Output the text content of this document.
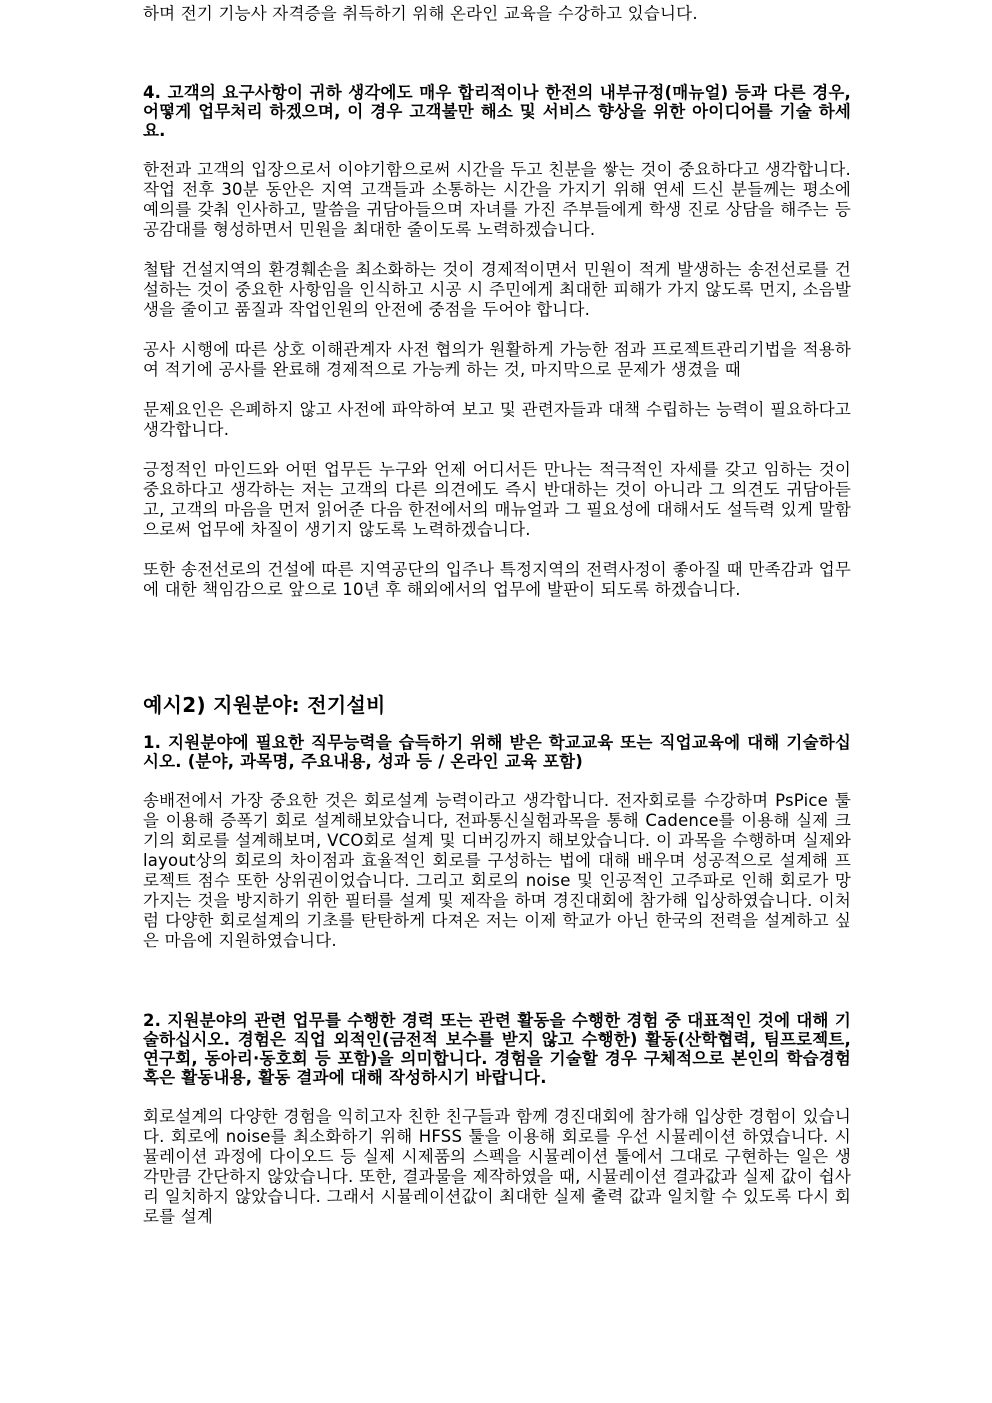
하며 전기 기능사 자격증을 취득하기 위해 온라인 교육을 수강하고 있습니다.

4. 고객의 요구사항이 귀하 생각에도 매우 합리적이나 한전의 내부규정(매뉴얼) 등과 다른 경우, 어떻게 업무처리 하겠으며, 이 경우 고객불만 해소 및 서비스 향상을 위한 아이디어를 기술 하세요.

한전과 고객의 입장으로서 이야기함으로써 시간을 두고 친분을 쌓는 것이 중요하다고 생각합니다. 작업 전후 30분 동안은 지역 고객들과 소통하는 시간을 가지기 위해 연세 드신 분들께는 평소에 예의를 갖춰 인사하고, 말씀을 귀담아들으며 자녀를 가진 주부들에게 학생 진로 상담을 해주는 등 공감대를 형성하면서 민원을 최대한 줄이도록 노력하겠습니다.

철탑 건설지역의 환경훼손을 최소화하는 것이 경제적이면서 민원이 적게 발생하는 송전선로를 건설하는 것이 중요한 사항임을 인식하고 시공 시 주민에게 최대한 피해가 가지 않도록 먼지, 소음발생을 줄이고 품질과 작업인원의 안전에 중점을 두어야 합니다.

공사 시행에 따른 상호 이해관계자 사전 협의가 원활하게 가능한 점과 프로젝트관리기법을 적용하여 적기에 공사를 완료해 경제적으로 가능케 하는 것, 마지막으로 문제가 생겼을 때

문제요인은 은폐하지 않고 사전에 파악하여 보고 및 관련자들과 대책 수립하는 능력이 필요하다고 생각합니다.

긍정적인 마인드와 어떤 업무든 누구와 언제 어디서든 만나는 적극적인 자세를 갖고 임하는 것이 중요하다고 생각하는 저는 고객의 다른 의견에도 즉시 반대하는 것이 아니라 그 의견도 귀담아듣고, 고객의 마음을 먼저 읽어준 다음 한전에서의 매뉴얼과 그 필요성에 대해서도 설득력 있게 말함으로써 업무에 차질이 생기지 않도록 노력하겠습니다.

또한 송전선로의 건설에 따른 지역공단의 입주나 특정지역의 전력사정이 좋아질 때 만족감과 업무에 대한 책임감으로 앞으로 10년 후 해외에서의 업무에 발판이 되도록 하겠습니다.

예시2) 지원분야: 전기설비

1. 지원분야에 필요한 직무능력을 습득하기 위해 받은 학교교육 또는 직업교육에 대해 기술하십시오. (분야, 과목명, 주요내용, 성과 등 / 온라인 교육 포함)

송배전에서 가장 중요한 것은 회로설계 능력이라고 생각합니다. 전자회로를 수강하며 PsPice 툴을 이용해 증폭기 회로 설계해보았습니다, 전파통신실험과목을 통해 Cadence를 이용해 실제 크기의 회로를 설계해보며, VCO회로 설계 및 디버깅까지 해보았습니다. 이 과목을 수행하며 실제와 layout상의 회로의 차이점과 효율적인 회로를 구성하는 법에 대해 배우며 성공적으로 설계해 프로젝트 점수 또한 상위권이었습니다. 그리고 회로의 noise 및 인공적인 고주파로 인해 회로가 망가지는 것을 방지하기 위한 필터를 설계 및 제작을 하며 경진대회에 참가해 입상하였습니다. 이처럼 다양한 회로설계의 기초를 탄탄하게 다져온 저는 이제 학교가 아닌 한국의 전력을 설계하고 싶은 마음에 지원하였습니다.

2. 지원분야의 관련 업무를 수행한 경력 또는 관련 활동을 수행한 경험 중 대표적인 것에 대해 기술하십시오. 경험은 직업 외적인(금전적 보수를 받지 않고 수행한) 활동(산학협력, 팀프로젝트, 연구회, 동아리·동호회 등 포함)을 의미합니다. 경험을 기술할 경우 구체적으로 본인의 학습경험 혹은 활동내용, 활동 결과에 대해 작성하시기 바랍니다.

회로설계의 다양한 경험을 익히고자 친한 친구들과 함께 경진대회에 참가해 입상한 경험이 있습니다. 회로에 noise를 최소화하기 위해 HFSS 툴을 이용해 회로를 우선 시뮬레이션 하였습니다. 시뮬레이션 과정에 다이오드 등 실제 시제품의 스펙을 시뮬레이션 툴에서 그대로 구현하는 일은 생각만큼 간단하지 않았습니다. 또한, 결과물을 제작하였을 때, 시뮬레이션 결과값과 실제 값이 쉽사리 일치하지 않았습니다. 그래서 시뮬레이션값이 최대한 실제 출력 값과 일치할 수 있도록 다시 회로를 설계
